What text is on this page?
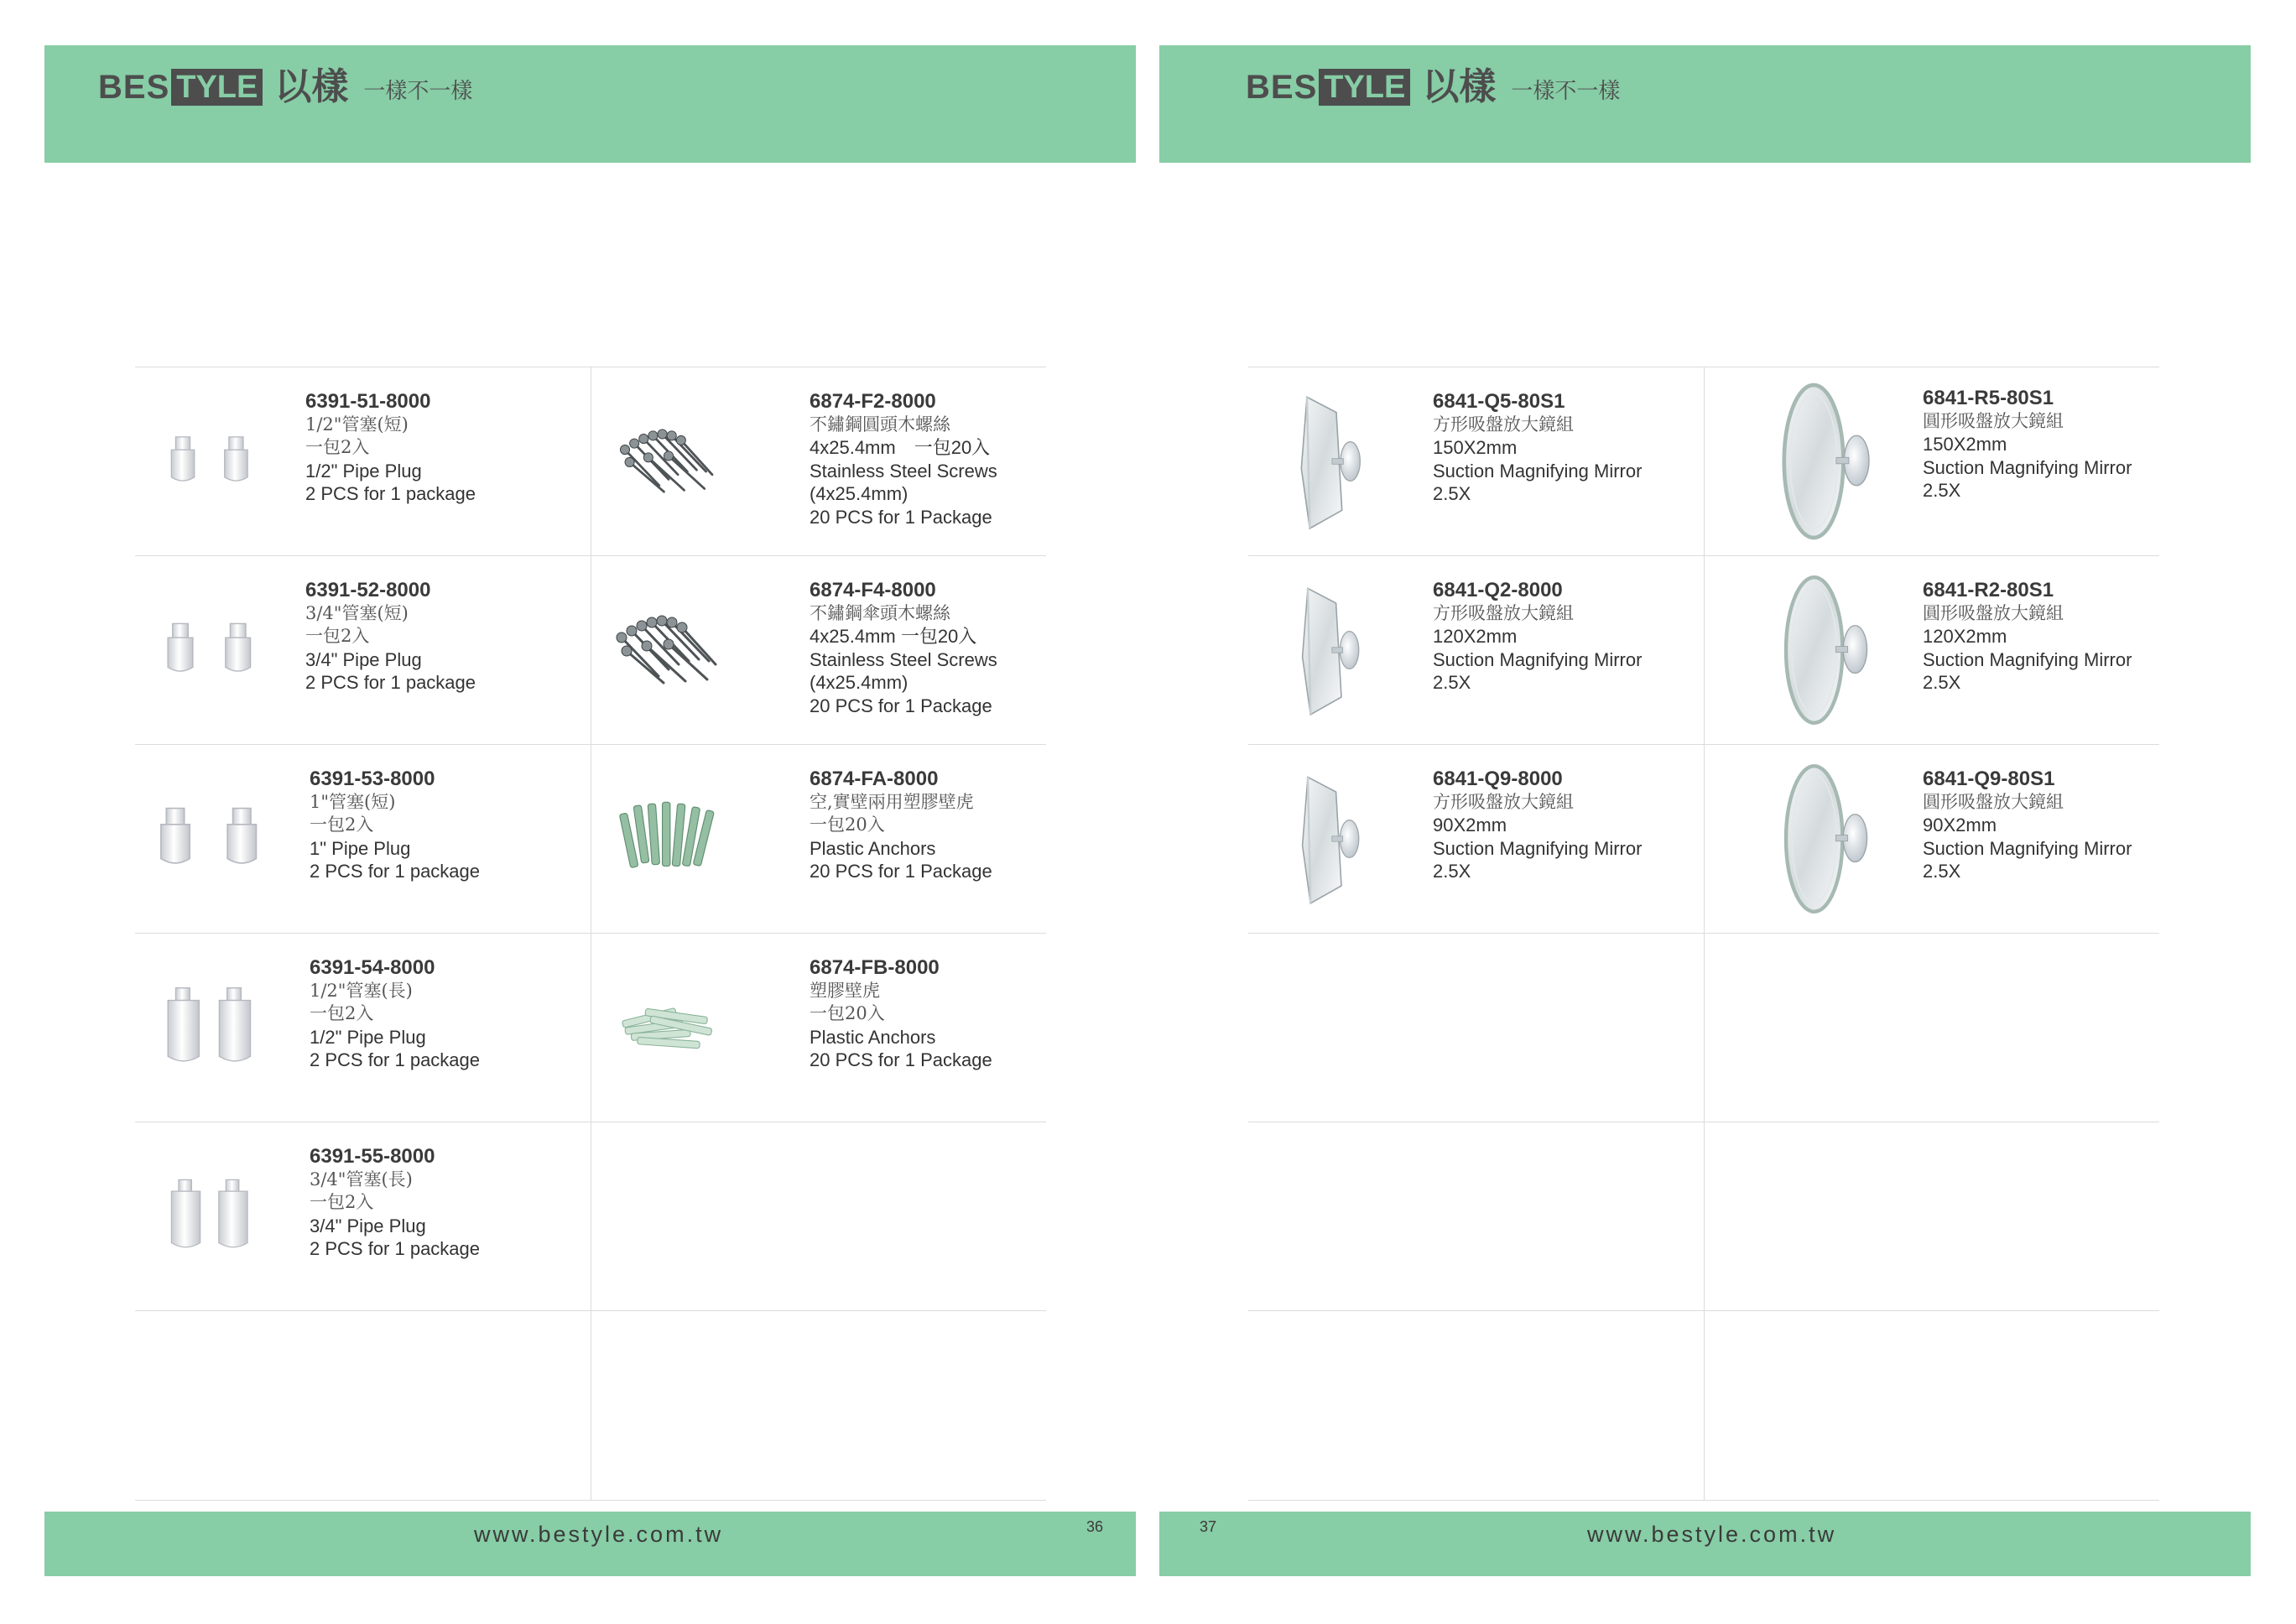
BES TYLE 以樣 一樣不一樣
6391-51-8000
1/2"管塞(短)
一包2入
1/2" Pipe Plug
2 PCS for 1 package
6391-52-8000
3/4"管塞(短)
一包2入
3/4" Pipe Plug
2 PCS for 1 package
6391-53-8000
1"管塞(短)
一包2入
1" Pipe Plug
2 PCS for 1 package
6391-54-8000
1/2"管塞(長)
一包2入
1/2" Pipe Plug
2 PCS for 1 package
6391-55-8000
3/4"管塞(長)
一包2入
3/4" Pipe Plug
2 PCS for 1 package
6874-F2-8000
不鏽鋼圓頭木螺絲
4x25.4mm　一包20入
Stainless Steel Screws
(4x25.4mm)
20 PCS for 1 Package
6874-F4-8000
不鏽鋼傘頭木螺絲
4x25.4mm 一包20入
Stainless Steel Screws
(4x25.4mm)
20 PCS for 1 Package
6874-FA-8000
空,實壁兩用塑膠壁虎
一包20入
Plastic Anchors
20 PCS for 1 Package
6874-FB-8000
塑膠壁虎
一包20入
Plastic Anchors
20 PCS for 1 Package
www.bestyle.com.tw	36
BES TYLE 以樣 一樣不一樣
6841-Q5-80S1
方形吸盤放大鏡組
150X2mm
Suction Magnifying Mirror
2.5X
6841-Q2-8000
方形吸盤放大鏡組
120X2mm
Suction Magnifying Mirror
2.5X
6841-Q9-8000
方形吸盤放大鏡組
90X2mm
Suction Magnifying Mirror
2.5X
6841-R5-80S1
圓形吸盤放大鏡組
150X2mm
Suction Magnifying Mirror
2.5X
6841-R2-80S1
圓形吸盤放大鏡組
120X2mm
Suction Magnifying Mirror
2.5X
6841-Q9-80S1
圓形吸盤放大鏡組
90X2mm
Suction Magnifying Mirror
2.5X
www.bestyle.com.tw
37
